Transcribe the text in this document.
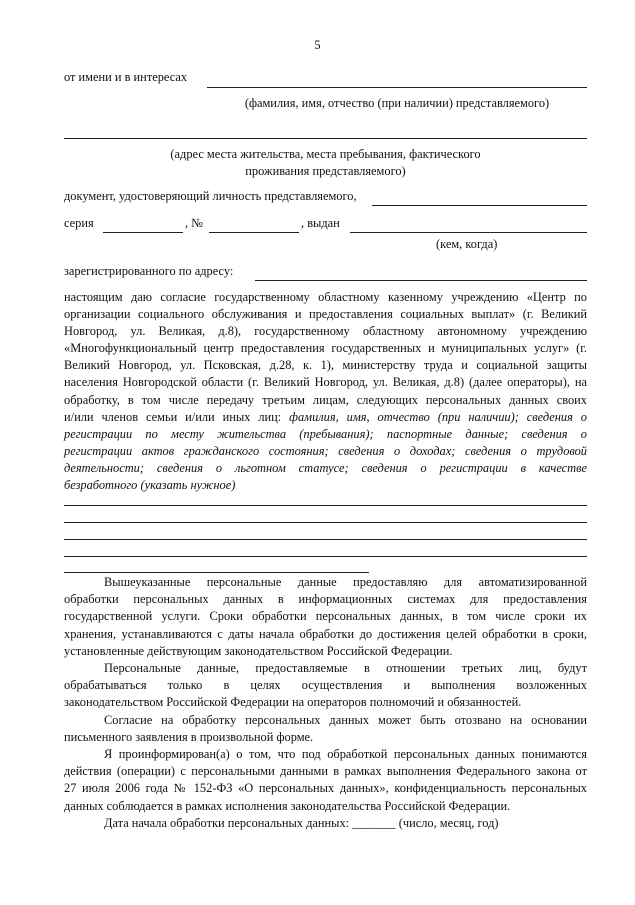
5
от имени и в интересах
(фамилия, имя, отчество (при наличии) представляемого)
(адрес места жительства, места пребывания, фактического
проживания представляемого)
документ, удостоверяющий личность представляемого,
серия	, №	, выдан
(кем, когда)
зарегистрированного по адресу:
настоящим даю согласие государственному областному казенному учреждению «Центр по
организации социального обслуживания и предоставления социальных выплат» (г. Великий
Новгород, ул. Великая, д.8), государственному областному автономному учреждению
«Многофункциональный центр предоставления государственных и муниципальных услуг» (г.
Великий Новгород, ул. Псковская, д.28, к. 1), министерству труда и социальной защиты
населения Новгородской области (г. Великий Новгород, ул. Великая, д.8) (далее операторы), на
обработку, в том числе передачу третьим лицам, следующих персональных данных своих
и/или членов семьи и/или иных лиц: фамилия, имя, отчество (при наличии); сведения о
регистрации по месту жительства (пребывания); паспортные данные; сведения о
регистрации актов гражданского состояния; сведения о доходах; сведения о трудовой
деятельности; сведения о льготном статусе; сведения о регистрации в качестве
безработного (указать нужное)

Вышеуказанные персональные данные предоставляю для автоматизированной
обработки персональных данных в информационных системах для предоставления
государственной услуги. Сроки обработки персональных данных, в том числе сроки их
хранения, устанавливаются с даты начала обработки до достижения целей обработки в сроки,
установленные действующим законодательством Российской Федерации.

Персональные данные, предоставляемые в отношении третьих лиц, будут
обрабатываться только в целях осуществления и выполнения возложенных
законодательством Российской Федерации на операторов полномочий и обязанностей.

Согласие на обработку персональных данных может быть отозвано на основании
письменного заявления в произвольной форме.

Я проинформирован(а) о том, что под обработкой персональных данных понимаются
действия (операции) с персональными данными в рамках выполнения Федерального закона от
27 июля 2006 года № 152-ФЗ «О персональных данных», конфиденциальность персональных
данных соблюдается в рамках исполнения законодательства Российской Федерации.

Дата начала обработки персональных данных: _______ (число, месяц, год)
